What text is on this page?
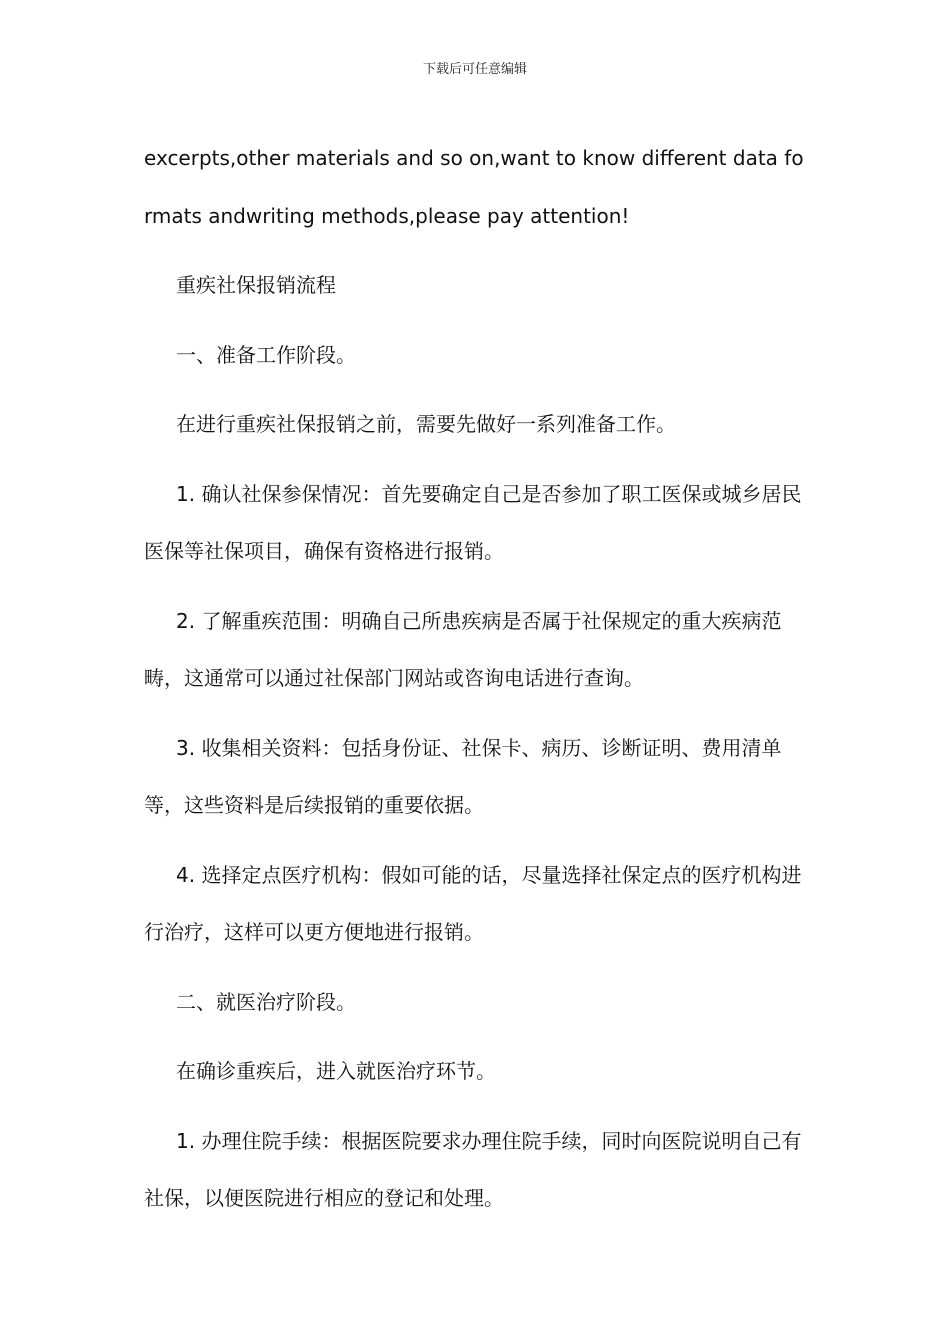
下载后可任意编辑

excerpts,other materials and so on,want to know different data formats andwriting methods,please pay attention!

重疾社保报销流程

一、准备工作阶段。

在进行重疾社保报销之前，需要先做好一系列准备工作。

1. 确认社保参保情况：首先要确定自己是否参加了职工医保或城乡居民医保等社保项目，确保有资格进行报销。

2. 了解重疾范围：明确自己所患疾病是否属于社保规定的重大疾病范畴，这通常可以通过社保部门网站或咨询电话进行查询。

3. 收集相关资料：包括身份证、社保卡、病历、诊断证明、费用清单等，这些资料是后续报销的重要依据。

4. 选择定点医疗机构：假如可能的话，尽量选择社保定点的医疗机构进行治疗，这样可以更方便地进行报销。

二、就医治疗阶段。

在确诊重疾后，进入就医治疗环节。

1. 办理住院手续：根据医院要求办理住院手续，同时向医院说明自己有社保，以便医院进行相应的登记和处理。
